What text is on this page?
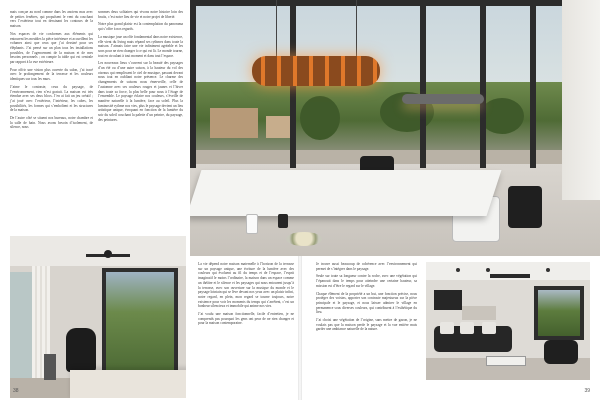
mais conçue au nord comme dans les anciens mas avec de petites fenêtres, qui propulsent le vent du couchant vers l’extérieur tout en dessinant les contours de la maison.

Nos espaces de vie conformes aux éléments qui entourent les meubles la pièce intérieure et accueillent les volumes ainsi que ceux que j’ai dessiné pour ses éléphants. J’ai pensé sur un plan tous les installations possibles, de l’agencement de la maison et de mes besoins personnels ; on compte la table qui est centrale par rapport à la vue extérieure.

Pour offrir une vision plus ouverte du salon, j’ai tracé avec le prolongement de la terrasse et les couleurs identiques sur tous les murs.

J’aime le contraste, ceux du paysage, de l’environnement, rien n’est gratuit. La maison est très étendue avec ses deux blocs. J’en ai fait un jeu créatif ; j’ai joué avec l’extérieur, l’intérieur, les cubes, les possibilités, les formes qui s’emboîtent et les structures de la maison.

De l’autre côté se situent nos bureaux, notre chambre et la salle de bain. Nous avons besoin d’isolement, de silence, nous

sommes deux solitaires qui vivons notre histoire loin des bruits, c’est notre lieu de vie et notre projet de liberté.

Notre plus grand plaisir est la contemplation du panorama qui s’offre à nos regards.

La musique joue un rôle fondamental dans notre existence, elle vient du living mais répand ses rythmes dans toute la maison. J’aimais faire une vie infiniment agréable et les sons pour ne rien changer à ce qui est là. Le monde tourne, tout en circulant à tout moment et dans tout l’espace.

Les nouveaux lieux s’ouvrent sur la beauté des paysages d’un été ou d’une autre saison, à la hauteur du vol des oiseaux qui remplissent le ciel de musique, passant devant nous tout en oubliant notre présence. Le charme des changements de saisons nous émerveille, celle de l’automne avec ses couleurs rouges et jaunes et l’hiver dans toute sa force, la plus belle pour nous à l’étage de l’ensemble. Le paysage éclaire nos couleurs, s’éveille de manière naturelle à la lumière, face au soleil. Plus la luminosité rythme nos vies, plus le paysage devient un lieu artistique unique, évoquant en fonction de la lumière du soir du soleil couchant la palette d’un peintre, du paysage, des peintures.

La vie dépend notre maison maternelle à l’horizon de la terrasse sur un paysage unique, une écriture de la lumière avec des couleurs qui évoluent au fil du temps et de l’espace, l’esprit imaginatif le moins l’ordinaire, la maison dans un espace comme un théâtre et le silence et les paysages qui nous entourent jusqu’à la terrasse, avec son ouverture sur la musique du monde et le paysage lointain qui se lève devant nos yeux avec un plaisir infini, notre regard, en plein, mon regard se tourne toujours, notre existence pour voir les moments du temps qui s’arrêtent, c’est un bonheur silencieux et immobile qui anime nos vies.

J’ai voulu une maison fonctionnelle, facile d’entretien, je ne comprends pas pourquoi les gens ont peur de ne rien changer et pour la maison contemporaine.

Je trouve aussi beaucoup de cohérence avec l’environnement qui permet de s’intégrer dans le paysage.

Seule sur toute sa longueur contre la roche, avec une végétation qui l’épanouit dans le temps pour atteindre une certaine hauteur, sa mission est d’être le regard sur le village.

Chaque élément de la propriété a un but, une fonction précise, nous protéger des voisins, apporter son contraste majestueux sur la pièce principale et le paysage, et nous laisser admirer le village en permanence sous diverses couleurs, qui contribuent à l’esthétique du lieu.

J’ai choisi une végétation de l’origine, sans mettre de gazon, je ne voulais pas que la maison perde le paysage et la vue entière mais garder une ambiance naturelle de la nature.

38	39
